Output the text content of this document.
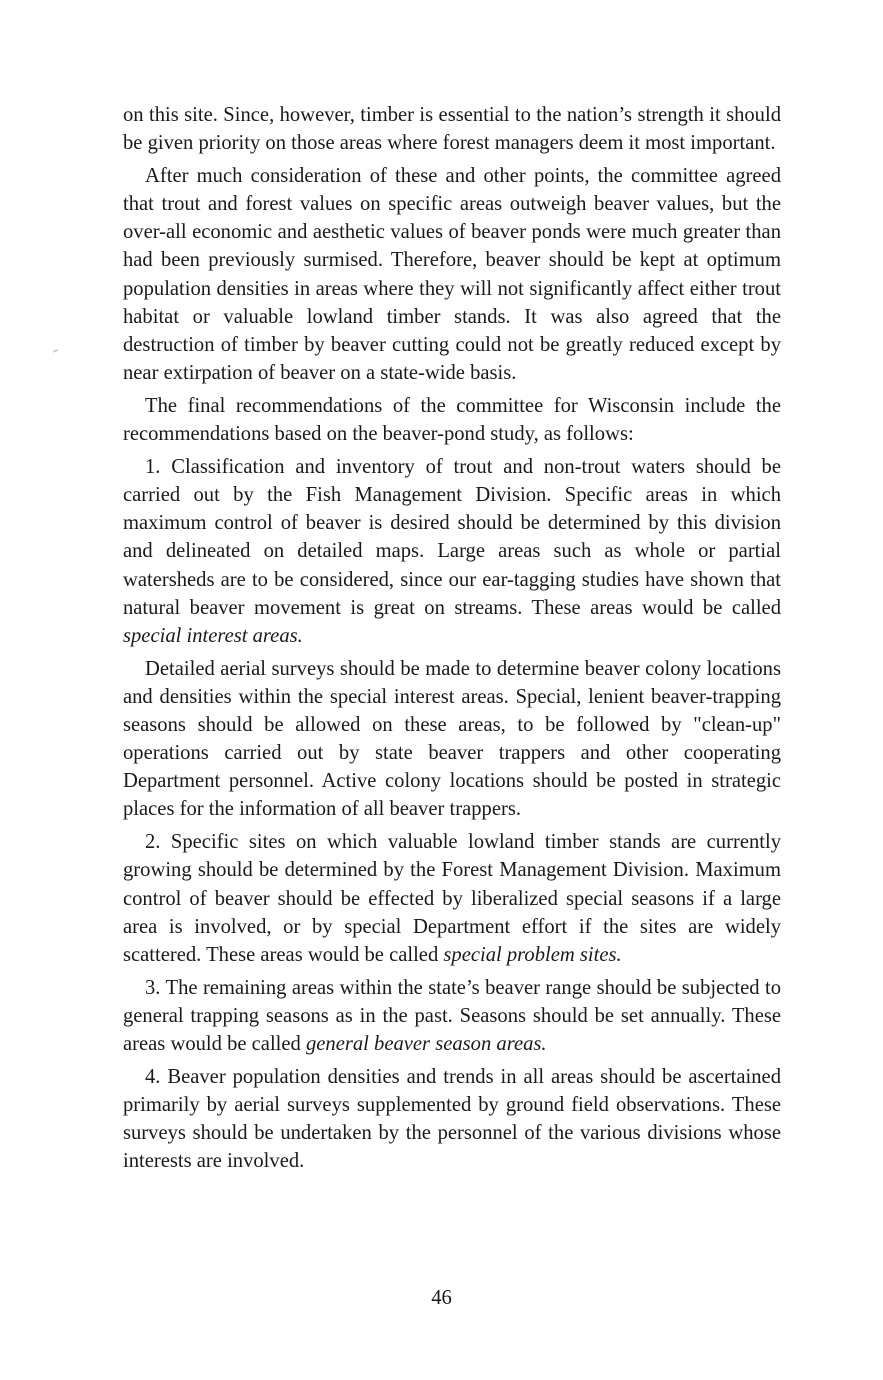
on this site. Since, however, timber is essential to the nation’s strength it should be given priority on those areas where forest managers deem it most important.

After much consideration of these and other points, the committee agreed that trout and forest values on specific areas outweigh beaver values, but the over-all economic and aesthetic values of beaver ponds were much greater than had been previously surmised. Therefore, beaver should be kept at optimum population densities in areas where they will not significantly affect either trout habitat or valuable lowland timber stands. It was also agreed that the destruction of timber by beaver cutting could not be greatly reduced except by near extirpation of beaver on a state-wide basis.

The final recommendations of the committee for Wisconsin include the recommendations based on the beaver-pond study, as follows:

1. Classification and inventory of trout and non-trout waters should be carried out by the Fish Management Division. Specific areas in which maximum control of beaver is desired should be determined by this division and delineated on detailed maps. Large areas such as whole or partial watersheds are to be considered, since our ear-tagging studies have shown that natural beaver movement is great on streams. These areas would be called special interest areas.

Detailed aerial surveys should be made to determine beaver colony locations and densities within the special interest areas. Special, lenient beaver-trapping seasons should be allowed on these areas, to be followed by "clean-up" operations carried out by state beaver trappers and other cooperating Department personnel. Active colony locations should be posted in strategic places for the information of all beaver trappers.

2. Specific sites on which valuable lowland timber stands are currently growing should be determined by the Forest Management Division. Maximum control of beaver should be effected by liberalized special seasons if a large area is involved, or by special Department effort if the sites are widely scattered. These areas would be called special problem sites.

3. The remaining areas within the state’s beaver range should be subjected to general trapping seasons as in the past. Seasons should be set annually. These areas would be called general beaver season areas.

4. Beaver population densities and trends in all areas should be ascertained primarily by aerial surveys supplemented by ground field observations. These surveys should be undertaken by the personnel of the various divisions whose interests are involved.

46
